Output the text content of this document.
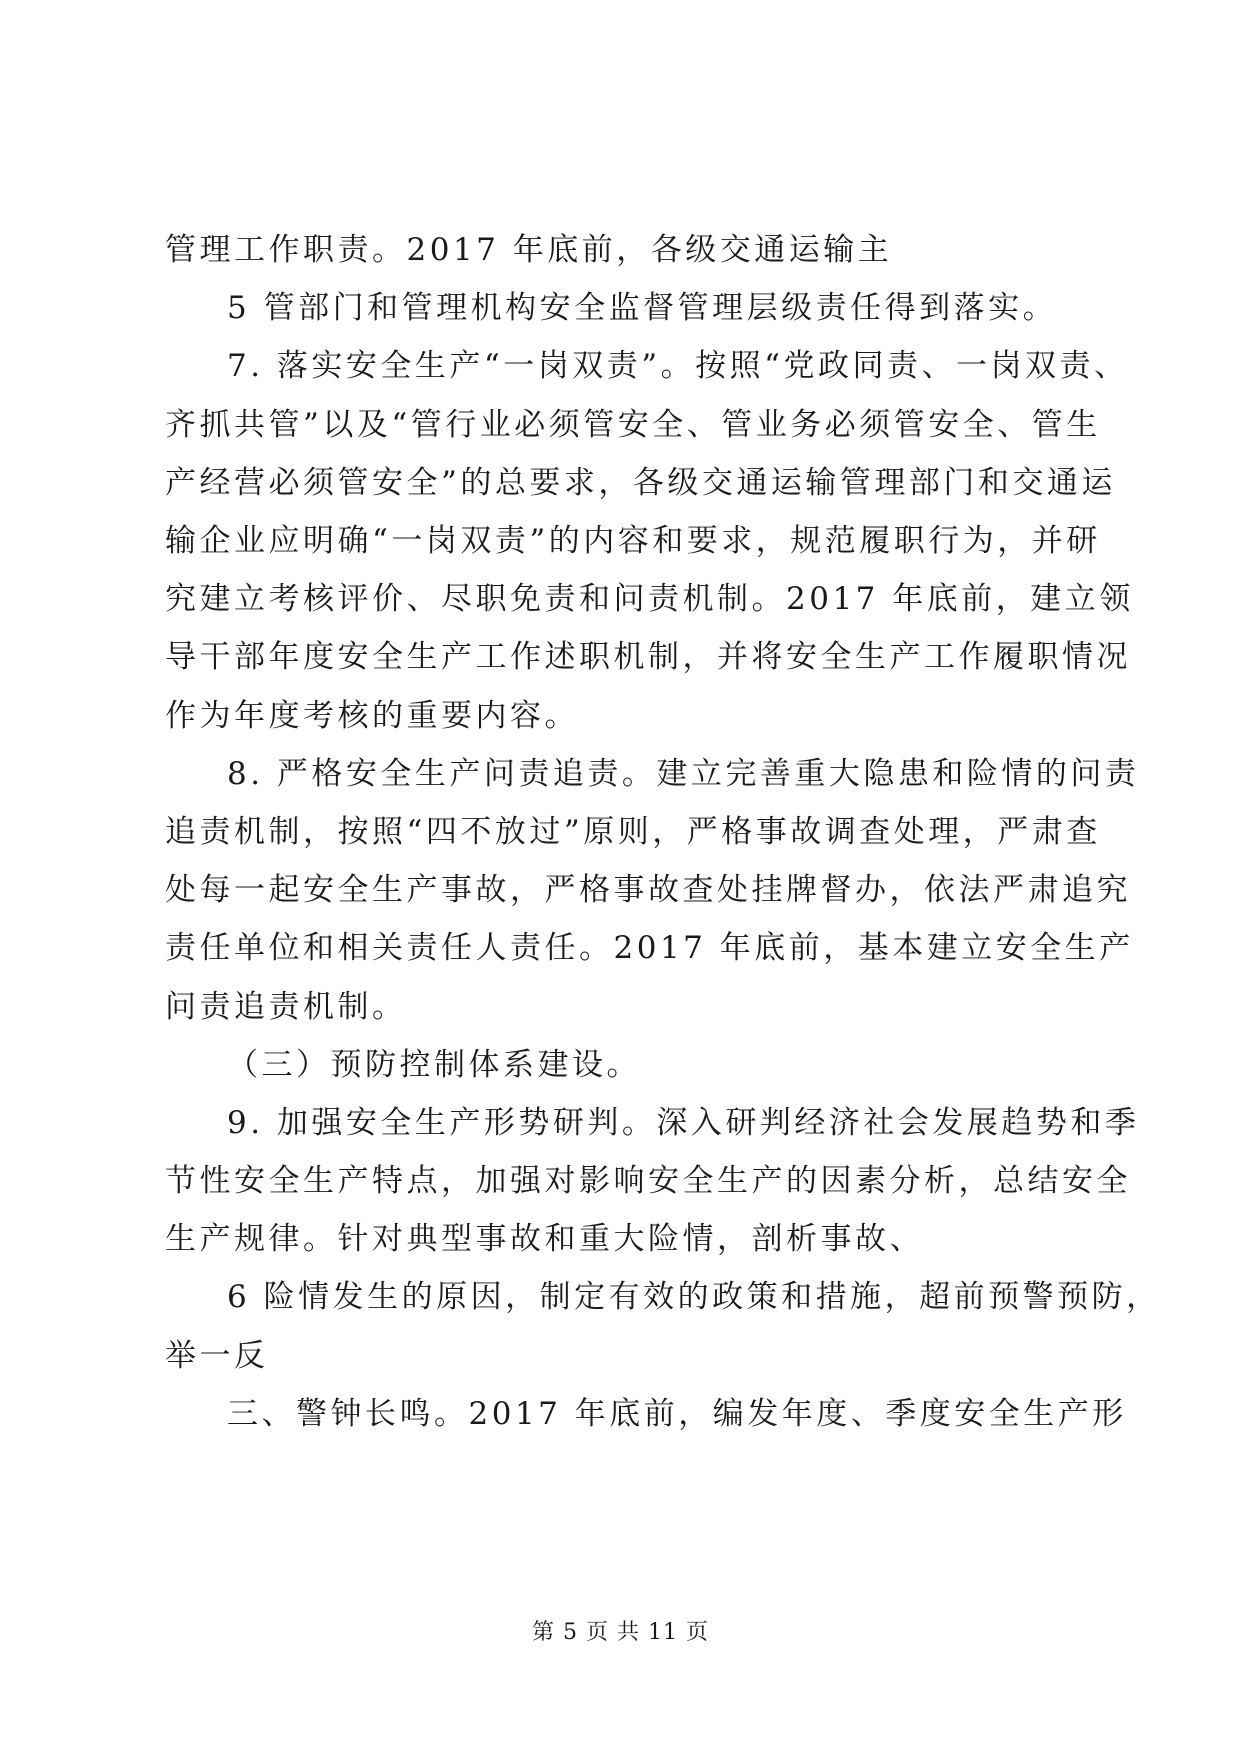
管理工作职责。2017 年底前，各级交通运输主
5 管部门和管理机构安全监督管理层级责任得到落实。
7. 落实安全生产“一岗双责”。按照“党政同责、一岗双责、
齐抓共管”以及“管行业必须管安全、管业务必须管安全、管生
产经营必须管安全”的总要求，各级交通运输管理部门和交通运
输企业应明确“一岗双责”的内容和要求，规范履职行为，并研
究建立考核评价、尽职免责和问责机制。2017 年底前，建立领
导干部年度安全生产工作述职机制，并将安全生产工作履职情况
作为年度考核的重要内容。
8. 严格安全生产问责追责。建立完善重大隐患和险情的问责
追责机制，按照“四不放过”原则，严格事故调查处理，严肃查
处每一起安全生产事故，严格事故查处挂牌督办，依法严肃追究
责任单位和相关责任人责任。2017 年底前，基本建立安全生产
问责追责机制。
（三）预防控制体系建设。
9. 加强安全生产形势研判。深入研判经济社会发展趋势和季
节性安全生产特点，加强对影响安全生产的因素分析，总结安全
生产规律。针对典型事故和重大险情，剖析事故、
6 险情发生的原因，制定有效的政策和措施，超前预警预防，
举一反
三、警钟长鸣。2017 年底前，编发年度、季度安全生产形
第 5 页 共 11 页
